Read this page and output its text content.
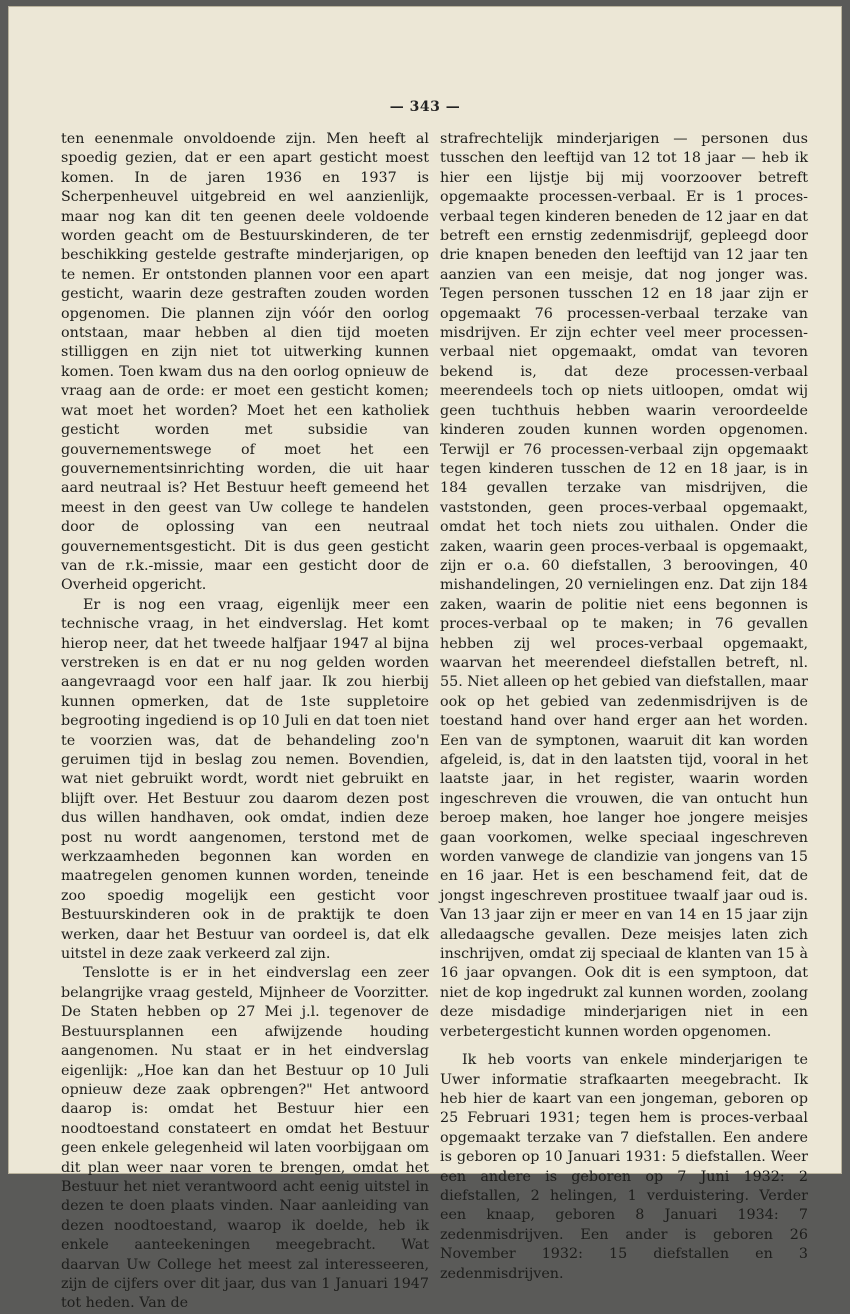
— 343 —

ten eenenmale onvoldoende zijn. Men heeft al spoedig gezien, dat er een apart gesticht moest komen. In de jaren 1936 en 1937 is Scherpenheuvel uitgebreid en wel aanzienlijk, maar nog kan dit ten geenen deele voldoende worden geacht om de Bestuurskinderen, de ter beschikking gestelde gestrafte minderjarigen, op te nemen. Er ontstonden plannen voor een apart gesticht, waarin deze gestraften zouden worden opgenomen. Die plannen zijn vóór den oorlog ontstaan, maar hebben al dien tijd moeten stilliggen en zijn niet tot uitwerking kunnen komen. Toen kwam dus na den oorlog opnieuw de vraag aan de orde: er moet een gesticht komen; wat moet het worden? Moet het een katholiek gesticht worden met subsidie van gouvernementswege of moet het een gouvernementsinrichting worden, die uit haar aard neutraal is? Het Bestuur heeft gemeend het meest in den geest van Uw college te handelen door de oplossing van een neutraal gouvernementsgesticht. Dit is dus geen gesticht van de r.k.-missie, maar een gesticht door de Overheid opgericht.

Er is nog een vraag, eigenlijk meer een technische vraag, in het eindverslag. Het komt hierop neer, dat het tweede halfjaar 1947 al bijna verstreken is en dat er nu nog gelden worden aangevraagd voor een half jaar. Ik zou hierbij kunnen opmerken, dat de 1ste suppletoire begrooting ingediend is op 10 Juli en dat toen niet te voorzien was, dat de behandeling zoo'n geruimen tijd in beslag zou nemen. Bovendien, wat niet gebruikt wordt, wordt niet gebruikt en blijft over. Het Bestuur zou daarom dezen post dus willen handhaven, ook omdat, indien deze post nu wordt aangenomen, terstond met de werkzaamheden begonnen kan worden en maatregelen genomen kunnen worden, teneinde zoo spoedig mogelijk een gesticht voor Bestuurskinderen ook in de praktijk te doen werken, daar het Bestuur van oordeel is, dat elk uitstel in deze zaak verkeerd zal zijn.

Tenslotte is er in het eindverslag een zeer belangrijke vraag gesteld, Mijnheer de Voorzitter. De Staten hebben op 27 Mei j.l. tegenover de Bestuursplannen een afwijzende houding aangenomen. Nu staat er in het eindverslag eigenlijk: „Hoe kan dan het Bestuur op 10 Juli opnieuw deze zaak opbrengen?" Het antwoord daarop is: omdat het Bestuur hier een noodtoestand constateert en omdat het Bestuur geen enkele gelegenheid wil laten voorbijgaan om dit plan weer naar voren te brengen, omdat het Bestuur het niet verantwoord acht eenig uitstel in dezen te doen plaats vinden. Naar aanleiding van dezen noodtoestand, waarop ik doelde, heb ik enkele aanteekeningen meegebracht. Wat daarvan Uw College het meest zal interesseeren, zijn de cijfers over dit jaar, dus van 1 Januari 1947 tot heden. Van de

strafrechtelijk minderjarigen — personen dus tusschen den leeftijd van 12 tot 18 jaar — heb ik hier een lijstje bij mij voorzoover betreft opgemaakte processen-verbaal. Er is 1 proces-verbaal tegen kinderen beneden de 12 jaar en dat betreft een ernstig zedenmisdrijf, gepleegd door drie knapen beneden den leeftijd van 12 jaar ten aanzien van een meisje, dat nog jonger was. Tegen personen tusschen 12 en 18 jaar zijn er opgemaakt 76 processen-verbaal terzake van misdrijven. Er zijn echter veel meer processen-verbaal niet opgemaakt, omdat van tevoren bekend is, dat deze processen-verbaal meerendeels toch op niets uitloopen, omdat wij geen tuchthuis hebben waarin veroordeelde kinderen zouden kunnen worden opgenomen. Terwijl er 76 processen-verbaal zijn opgemaakt tegen kinderen tusschen de 12 en 18 jaar, is in 184 gevallen terzake van misdrijven, die vaststonden, geen proces-verbaal opgemaakt, omdat het toch niets zou uithalen. Onder die zaken, waarin geen proces-verbaal is opgemaakt, zijn er o.a. 60 diefstallen, 3 beroovingen, 40 mishandelingen, 20 vernielingen enz. Dat zijn 184 zaken, waarin de politie niet eens begonnen is proces-verbaal op te maken; in 76 gevallen hebben zij wel proces-verbaal opgemaakt, waarvan het meerendeel diefstallen betreft, nl. 55. Niet alleen op het gebied van diefstallen, maar ook op het gebied van zedenmisdrijven is de toestand hand over hand erger aan het worden. Een van de symptonen, waaruit dit kan worden afgeleid, is, dat in den laatsten tijd, vooral in het laatste jaar, in het register, waarin worden ingeschreven die vrouwen, die van ontucht hun beroep maken, hoe langer hoe jongere meisjes gaan voorkomen, welke speciaal ingeschreven worden vanwege de clandizie van jongens van 15 en 16 jaar. Het is een beschamend feit, dat de jongst ingeschreven prostituee twaalf jaar oud is. Van 13 jaar zijn er meer en van 14 en 15 jaar zijn alledaagsche gevallen. Deze meisjes laten zich inschrijven, omdat zij speciaal de klanten van 15 à 16 jaar opvangen. Ook dit is een symptoon, dat niet de kop ingedrukt zal kunnen worden, zoolang deze misdadige minderjarigen niet in een verbetergesticht kunnen worden opgenomen.

Ik heb voorts van enkele minderjarigen te Uwer informatie strafkaarten meegebracht. Ik heb hier de kaart van een jongeman, geboren op 25 Februari 1931; tegen hem is proces-verbaal opgemaakt terzake van 7 diefstallen. Een andere is geboren op 10 Januari 1931: 5 diefstallen. Weer een andere is geboren op 7 Juni 1932: 2 diefstallen, 2 helingen, 1 verduistering. Verder een knaap, geboren 8 Januari 1934: 7 zedenmisdrijven. Een ander is geboren 26 November 1932: 15 diefstallen en 3 zedenmisdrijven.
